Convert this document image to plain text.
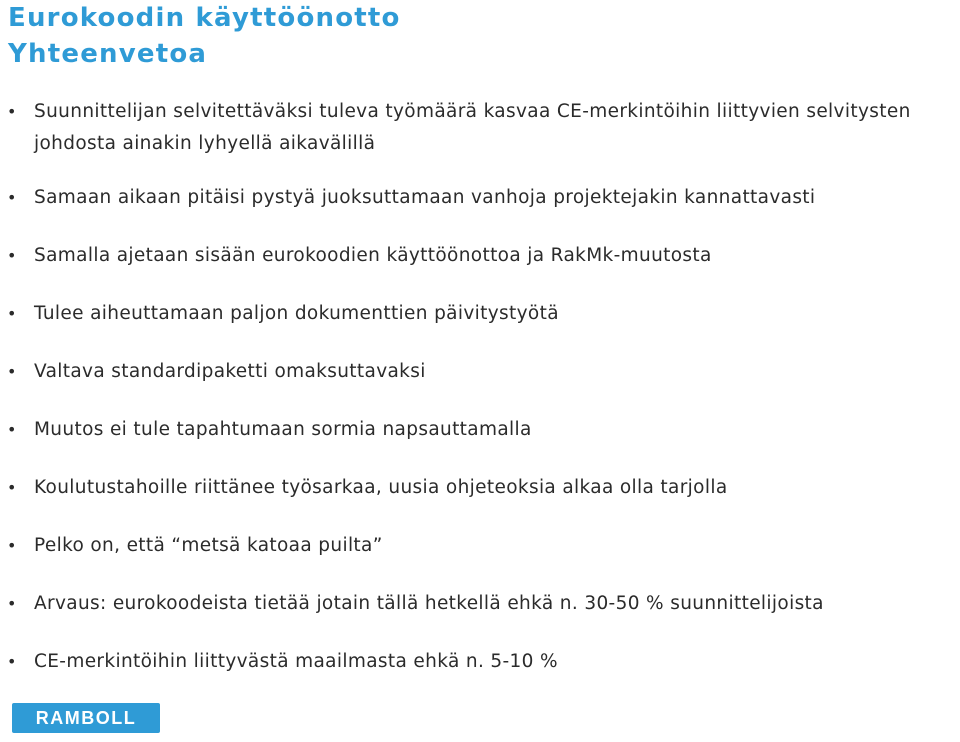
Eurokoodin käyttöönotto
Yhteenvetoa
• Suunnittelijan selvitettäväksi tuleva työmäärä kasvaa CE-merkintöihin liittyvien selvitysten johdosta ainakin lyhyellä aikavälillä
• Samaan aikaan pitäisi pystyä juoksuttamaan vanhoja projektejakin kannattavasti
• Samalla ajetaan sisään eurokoodien käyttöönottoa ja RakMk-muutosta
• Tulee aiheuttamaan paljon dokumenttien päivitystyötä
• Valtava standardipaketti omaksuttavaksi
• Muutos ei tule tapahtumaan sormia napsauttamalla
• Koulutustahoille riittänee työsarkaa, uusia ohjeteoksia alkaa olla tarjolla
• Pelko on, että “metsä katoaa puilta”
• Arvaus: eurokoodeista tietää jotain tällä hetkellä ehkä n. 30-50 % suunnittelijoista
• CE-merkintöihin liittyvästä maailmasta ehkä n. 5-10 %
RAMBOLL
